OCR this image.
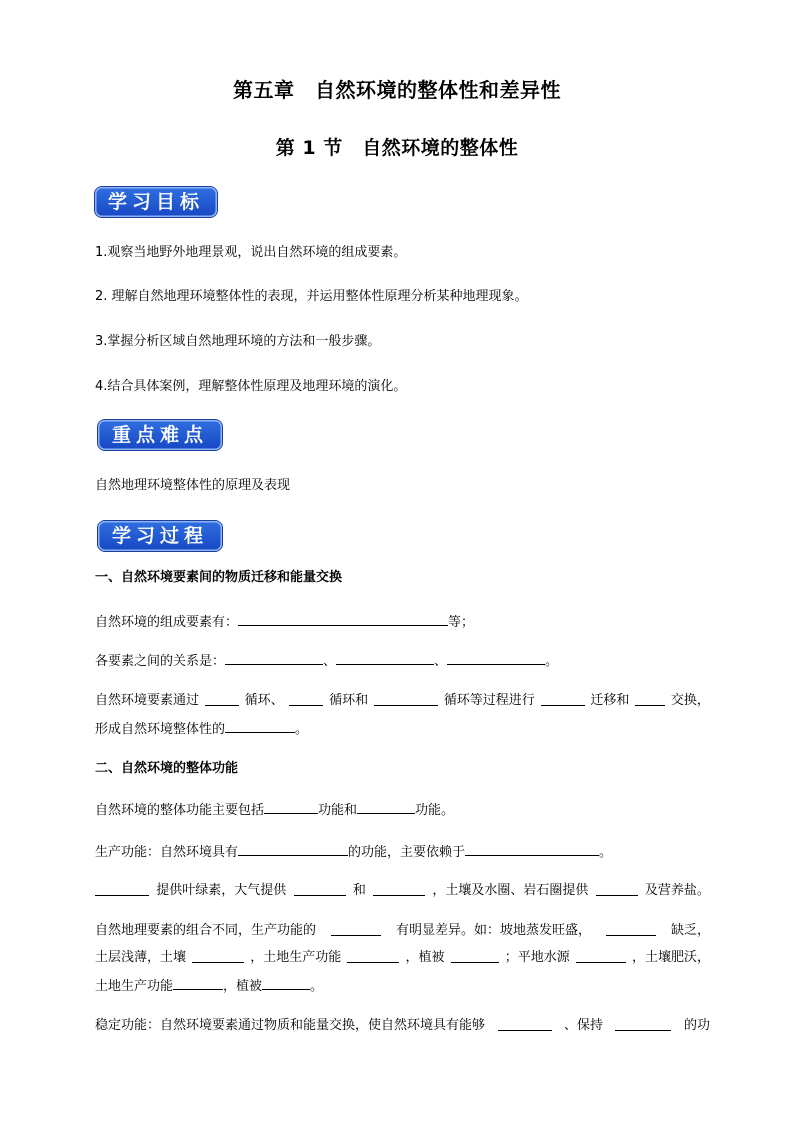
第五章　自然环境的整体性和差异性
第 1 节　自然环境的整体性
学习目标
1.观察当地野外地理景观，说出自然环境的组成要素。
2. 理解自然地理环境整体性的表现，并运用整体性原理分析某种地理现象。
3.掌握分析区域自然地理环境的方法和一般步骤。
4.结合具体案例，理解整体性原理及地理环境的演化。
重点难点
自然地理环境整体性的原理及表现
学习过程
一、自然环境要素间的物质迁移和能量交换
自然环境的组成要素有：	等；
各要素之间的关系是：	、	、	。
自然环境要素通过	循环、	循环和	循环等过程进行	迁移和	交换，
形成自然环境整体性的	。
二、自然环境的整体功能
自然环境的整体功能主要包括	功能和	功能。
生产功能：自然环境具有	的功能，主要依赖于	。
提供叶绿素，大气提供	和	，土壤及水圈、岩石圈提供	及营养盐。
自然地理要素的组合不同，生产功能的	有明显差异。如：坡地蒸发旺盛，	缺乏，
土层浅薄，土壤	，土地生产功能	，植被	；平地水源	，土壤肥沃，
土地生产功能	，植被	。
稳定功能：自然环境要素通过物质和能量交换，使自然环境具有能够	、保持	的功
